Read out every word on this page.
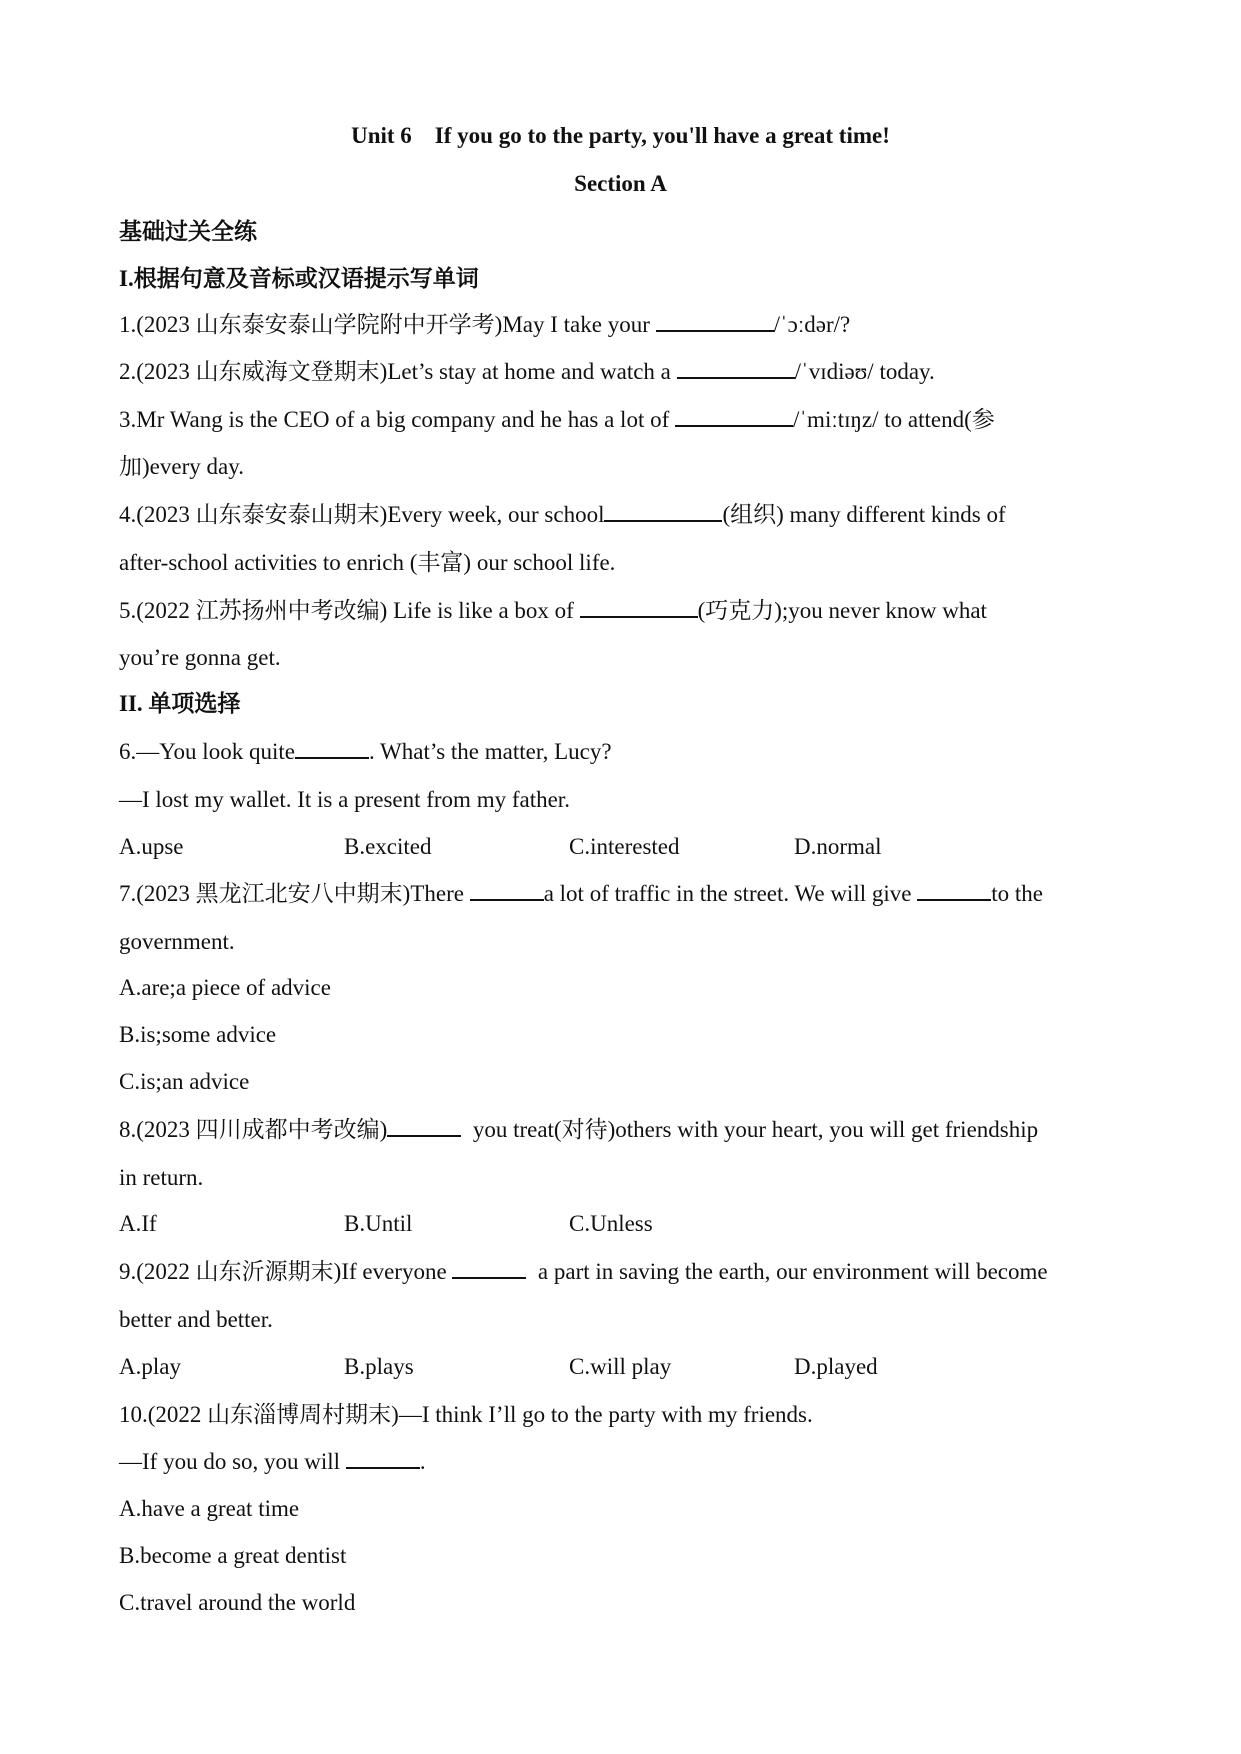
Unit 6    If you go to the party, you'll have a great time!
Section A
基础过关全练
I.根据句意及音标或汉语提示写单词
1.(2023 山东泰安泰山学院附中开学考)May I take your	/ˈɔːdər/?
2.(2023 山东威海文登期末)Let’s stay at home and watch a	/ˈvɪdiəʊ/ today.
3.Mr Wang is the CEO of a big company and he has a lot of	/ˈmiːtɪŋz/ to attend(参
加)every day.
4.(2023 山东泰安泰山期末)Every week, our school	(组织) many different kinds of
after-school activities to enrich (丰富) our school life.
5.(2022 江苏扬州中考改编) Life is like a box of	(巧克力);you never know what
you’re gonna get.
II. 单项选择
6.—You look quite	. What’s the matter, Lucy?
—I lost my wallet. It is a present from my father.
A.upse	B.excited	C.interested	D.normal
7.(2023 黑龙江北安八中期末)There	a lot of traffic in the street. We will give	to the
government.
A.are;a piece of advice
B.is;some advice
C.is;an advice
8.(2023 四川成都中考改编)	you treat(对待)others with your heart, you will get friendship
in return.
A.If	B.Until	C.Unless
9.(2022 山东沂源期末)If everyone	a part in saving the earth, our environment will become
better and better.
A.play	B.plays	C.will play	D.played
10.(2022 山东淄博周村期末)—I think I’ll go to the party with my friends.
—If you do so, you will	.
A.have a great time
B.become a great dentist
C.travel around the world
